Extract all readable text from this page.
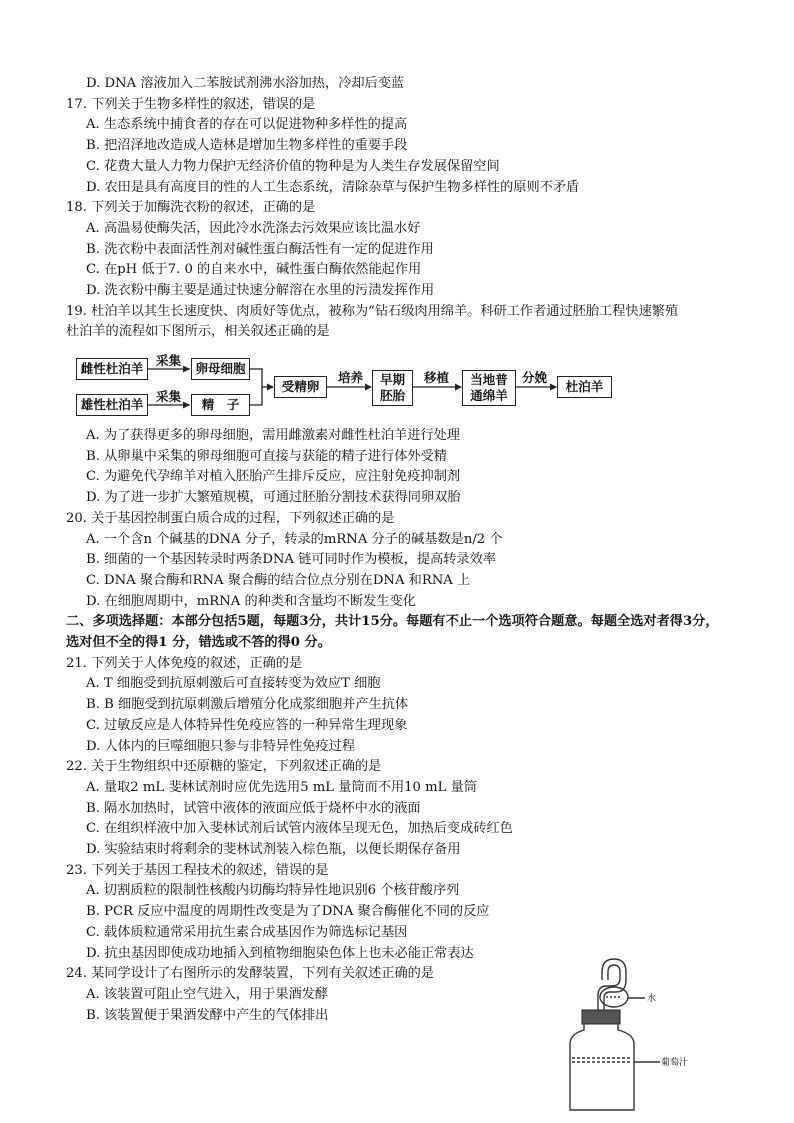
D. DNA 溶液加入二苯胺试剂沸水浴加热，冷却后变蓝
17. 下列关于生物多样性的叙述，错误的是
A. 生态系统中捕食者的存在可以促进物种多样性的提高
B. 把沼泽地改造成人造林是增加生物多样性的重要手段
C. 花费大量人力物力保护无经济价值的物种是为人类生存发展保留空间
D. 农田是具有高度目的性的人工生态系统，清除杂草与保护生物多样性的原则不矛盾
18. 下列关于加酶洗衣粉的叙述，正确的是
A. 高温易使酶失活，因此冷水洗涤去污效果应该比温水好
B. 洗衣粉中表面活性剂对碱性蛋白酶活性有一定的促进作用
C. 在pH 低于7. 0 的自来水中，碱性蛋白酶依然能起作用
D. 洗衣粉中酶主要是通过快速分解溶在水里的污渍发挥作用
19. 杜泊羊以其生长速度快、肉质好等优点，被称为“钻石级肉用绵羊。科研工作者通过胚胎工程快速繁殖
杜泊羊的流程如下图所示，相关叙述正确的是
雌性杜泊羊
雄性杜泊羊
卵母细胞
精　子
受精卵	早期
胚胎
当地普
通绵羊
杜泊羊
采集
采集
培养	移植	分娩
A. 为了获得更多的卵母细胞，需用雌激素对雌性杜泊羊进行处理
B. 从卵巢中采集的卵母细胞可直接与获能的精子进行体外受精
C. 为避免代孕绵羊对植入胚胎产生排斥反应，应注射免疫抑制剂
D. 为了进一步扩大繁殖规模，可通过胚胎分割技术获得同卵双胎
20. 关于基因控制蛋白质合成的过程，下列叙述正确的是
A. 一个含n 个碱基的DNA 分子，转录的mRNA 分子的碱基数是n/2 个
B. 细菌的一个基因转录时两条DNA 链可同时作为模板，提高转录效率
C. DNA 聚合酶和RNA 聚合酶的结合位点分别在DNA 和RNA 上
D. 在细胞周期中，mRNA 的种类和含量均不断发生变化
二、多项选择题：本部分包括5题，每题3分，共计15分。每题有不止一个选项符合题意。每题全选对者得3分，
选对但不全的得1 分，错选或不答的得0 分。
21. 下列关于人体免疫的叙述，正确的是
A. T 细胞受到抗原刺激后可直接转变为效应T 细胞
B. B 细胞受到抗原刺激后增殖分化成浆细胞并产生抗体
C. 过敏反应是人体特异性免疫应答的一种异常生理现象
D. 人体内的巨噬细胞只参与非特异性免疫过程
22. 关于生物组织中还原糖的鉴定，下列叙述正确的是
A. 量取2 mL 斐林试剂时应优先选用5 mL 量筒而不用10 mL 量筒
B. 隔水加热时，试管中液体的液面应低于烧杯中水的液面
C. 在组织样液中加入斐林试剂后试管内液体呈现无色，加热后变成砖红色
D. 实验结束时将剩余的斐林试剂装入棕色瓶，以便长期保存备用
23. 下列关于基因工程技术的叙述，错误的是
A. 切割质粒的限制性核酸内切酶均特异性地识别6 个核苷酸序列
B. PCR 反应中温度的周期性改变是为了DNA 聚合酶催化不同的反应
C. 载体质粒通常采用抗生素合成基因作为筛选标记基因
D. 抗虫基因即使成功地插入到植物细胞染色体上也未必能正常表达
24. 某同学设计了右图所示的发酵装置，下列有关叙述正确的是
A. 该装置可阻止空气进入，用于果酒发酵
B. 该装置便于果酒发酵中产生的气体排出
水
葡萄汁
